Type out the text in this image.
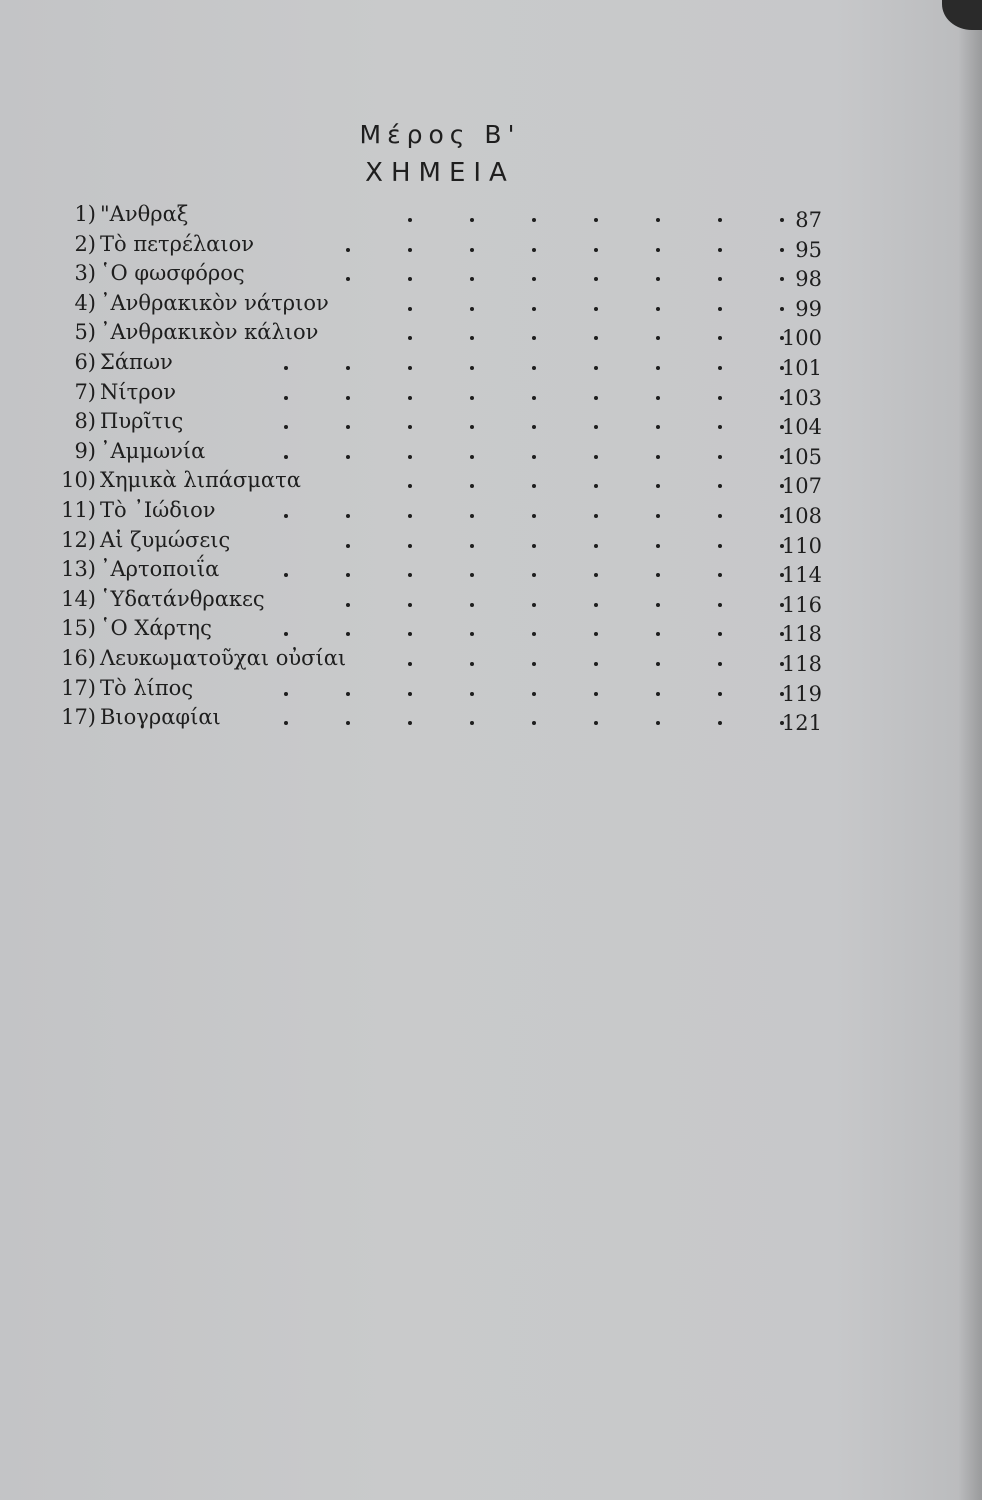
Μέρος Β'
ΧΗΜΕΙΑ
1) "Ανθραξ	87
2) Τὸ πετρέλαιον	95
3) ῾Ο φωσφόρος	98
4) ᾿Ανθρακικὸν νάτριον	99
5) ᾿Ανθρακικὸν κάλιον	100
6) Σάπων	101
7) Νίτρον	103
8) Πυρῖτις	104
9) ᾿Αμμωνία	105
10) Χημικὰ λιπάσματα	107
11) Τὸ ᾿Ιώδιον	108
12) Αἱ ζυμώσεις	110
13) ᾿Αρτοποιΐα	114
14) ῾Υδατάνθρακες	116
15) ῾Ο Χάρτης	118
16) Λευκωματοῦχαι οὐσίαι	118
17) Τὸ λίπος	119
17) Βιογραφίαι	121
